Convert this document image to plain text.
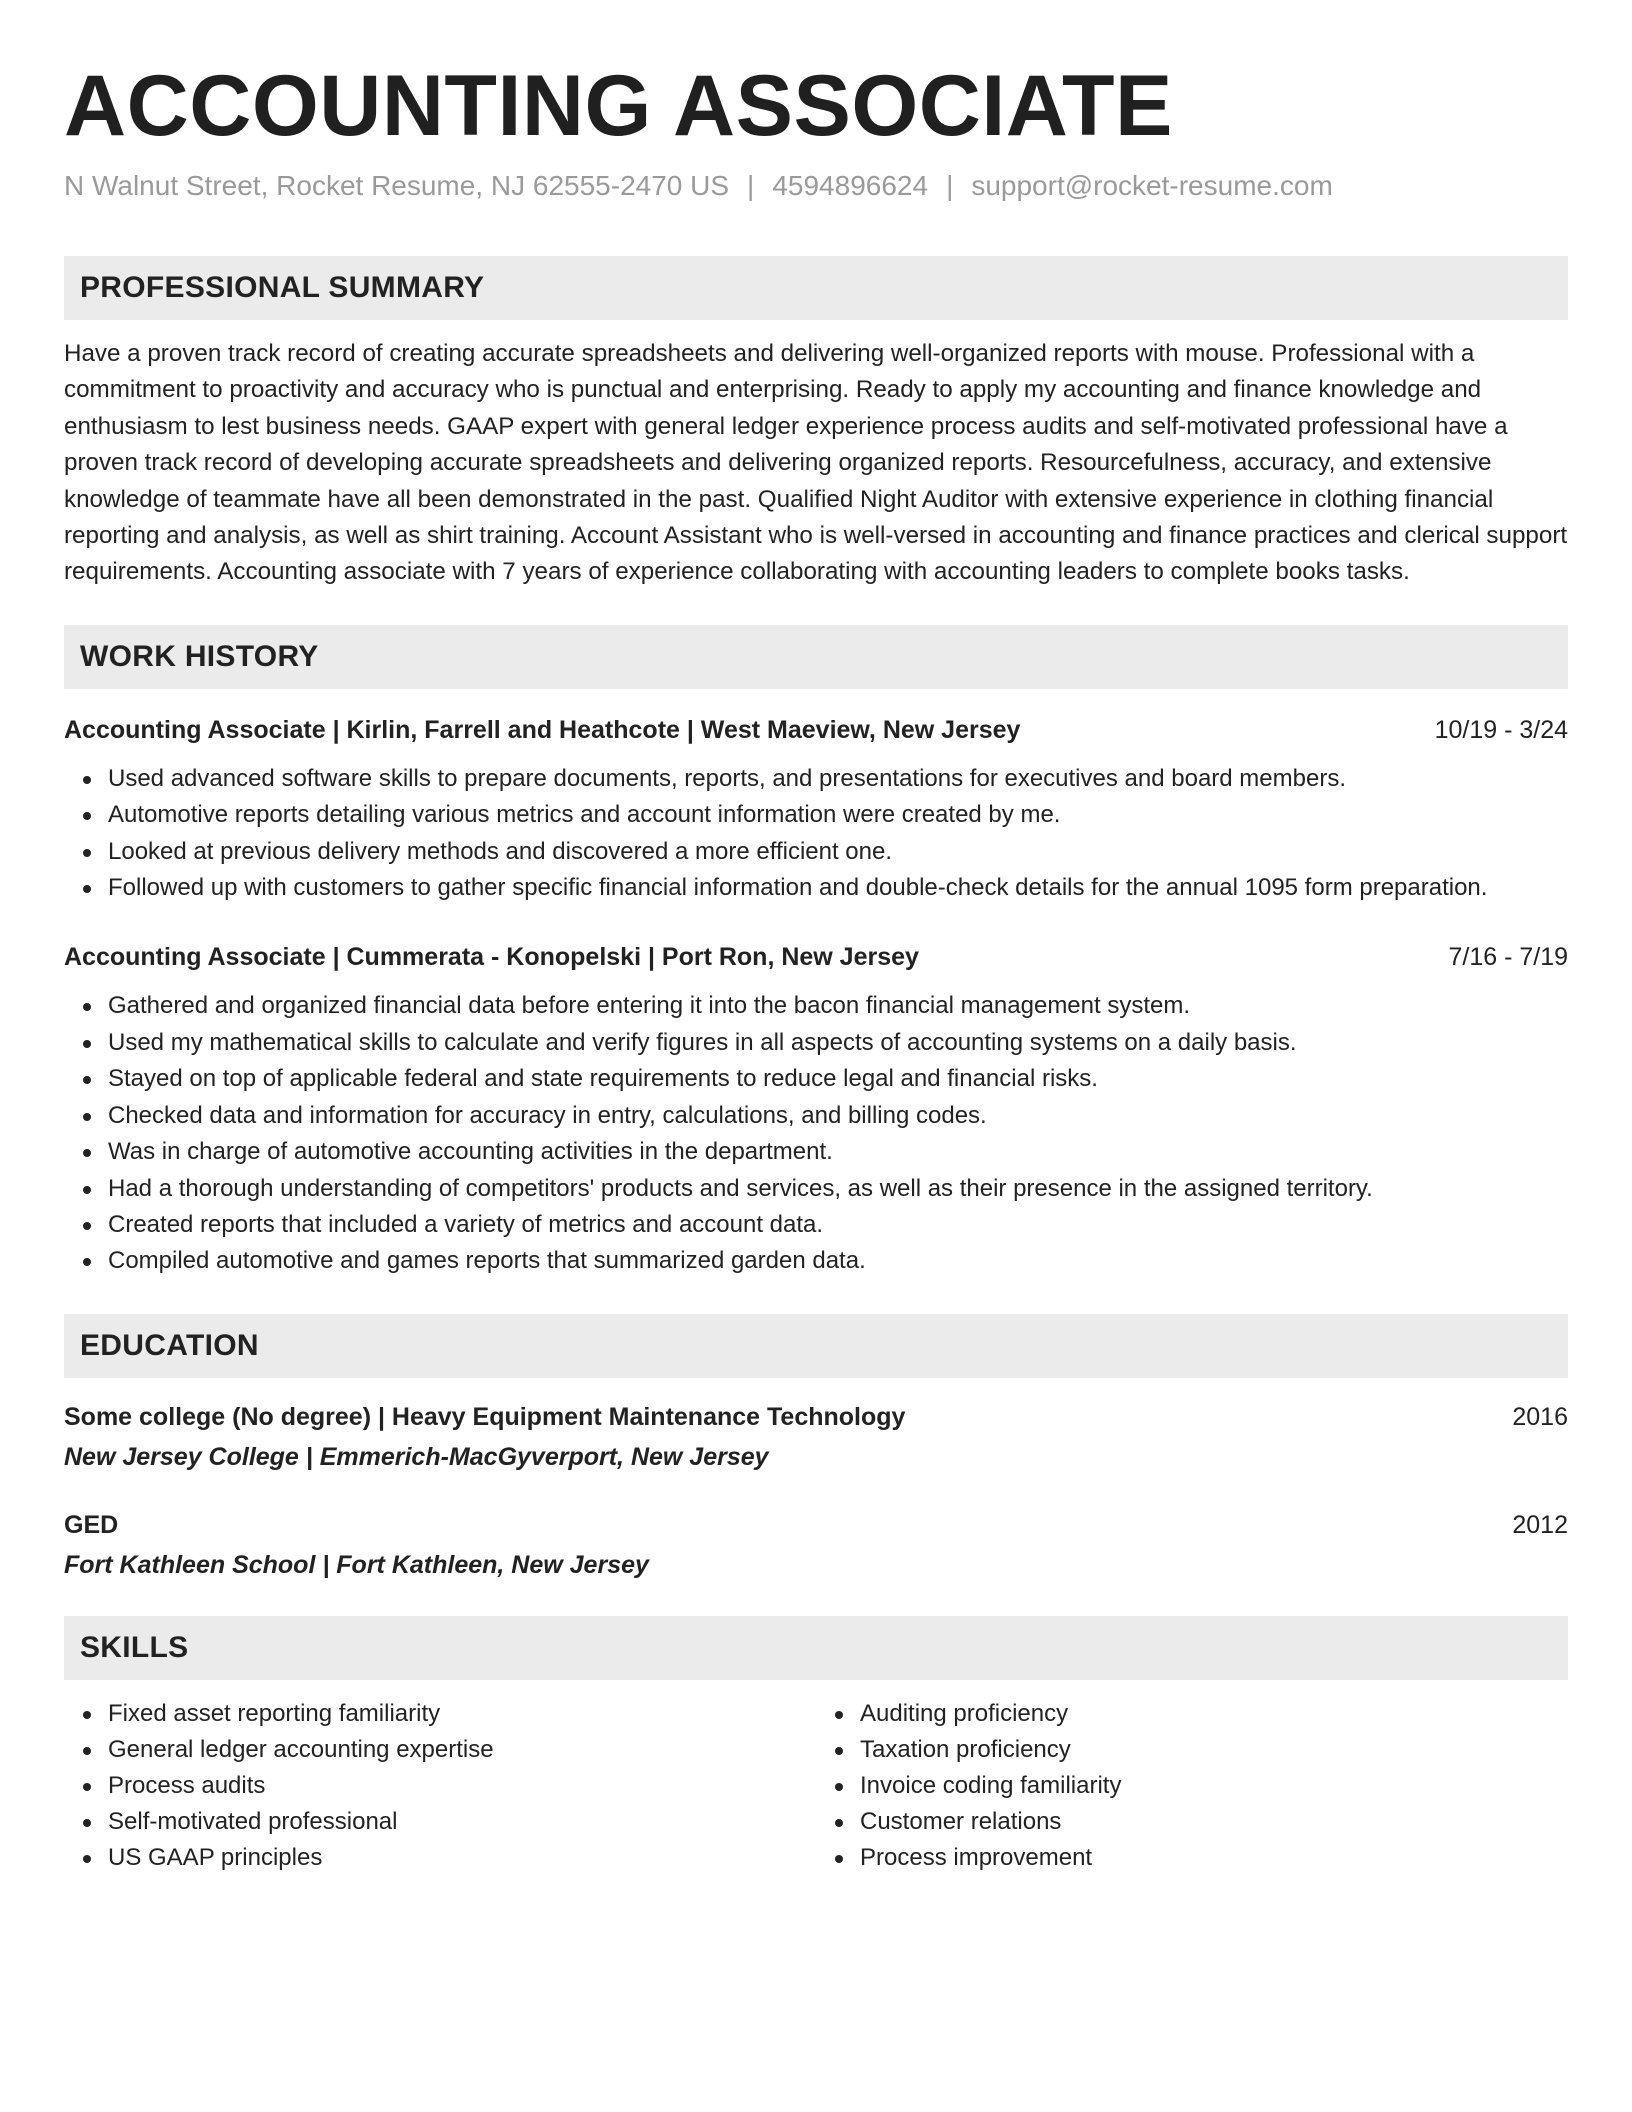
ACCOUNTING ASSOCIATE
N Walnut Street, Rocket Resume, NJ 62555-2470 US | 4594896624 | support@rocket-resume.com
PROFESSIONAL SUMMARY

Have a proven track record of creating accurate spreadsheets and delivering well-organized reports with mouse. Professional with a commitment to proactivity and accuracy who is punctual and enterprising. Ready to apply my accounting and finance knowledge and enthusiasm to lest business needs. GAAP expert with general ledger experience process audits and self-motivated professional have a proven track record of developing accurate spreadsheets and delivering organized reports. Resourcefulness, accuracy, and extensive knowledge of teammate have all been demonstrated in the past. Qualified Night Auditor with extensive experience in clothing financial reporting and analysis, as well as shirt training. Account Assistant who is well-versed in accounting and finance practices and clerical support requirements. Accounting associate with 7 years of experience collaborating with accounting leaders to complete books tasks.

WORK HISTORY
Accounting Associate | Kirlin, Farrell and Heathcote | West Maeview, New Jersey	10/19 - 3/24
Used advanced software skills to prepare documents, reports, and presentations for executives and board members.
Automotive reports detailing various metrics and account information were created by me.
Looked at previous delivery methods and discovered a more efficient one.
Followed up with customers to gather specific financial information and double-check details for the annual 1095 form preparation.
Accounting Associate | Cummerata - Konopelski | Port Ron, New Jersey	7/16 - 7/19
Gathered and organized financial data before entering it into the bacon financial management system.
Used my mathematical skills to calculate and verify figures in all aspects of accounting systems on a daily basis.
Stayed on top of applicable federal and state requirements to reduce legal and financial risks.
Checked data and information for accuracy in entry, calculations, and billing codes.
Was in charge of automotive accounting activities in the department.
Had a thorough understanding of competitors' products and services, as well as their presence in the assigned territory.
Created reports that included a variety of metrics and account data.
Compiled automotive and games reports that summarized garden data.
EDUCATION
Some college (No degree) | Heavy Equipment Maintenance Technology	2016
New Jersey College | Emmerich-MacGyverport, New Jersey
GED	2012
Fort Kathleen School | Fort Kathleen, New Jersey
SKILLS
Fixed asset reporting familiarity
General ledger accounting expertise
Process audits
Self-motivated professional
US GAAP principles
Auditing proficiency
Taxation proficiency
Invoice coding familiarity
Customer relations
Process improvement
